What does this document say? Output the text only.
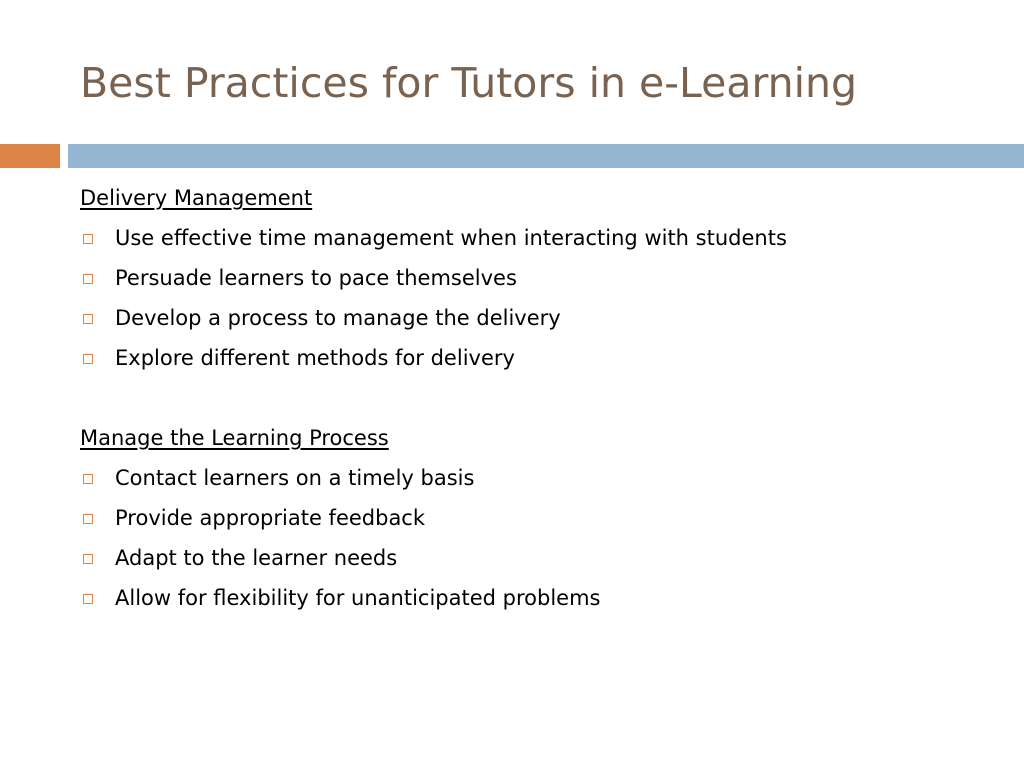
Best Practices for Tutors in e-Learning
Delivery Management
Use effective time management when interacting with students
Persuade learners to pace themselves
Develop a process to manage the delivery
Explore different methods for delivery
Manage the Learning Process
Contact learners on a timely basis
Provide appropriate feedback
Adapt to the learner needs
Allow for flexibility for unanticipated problems
